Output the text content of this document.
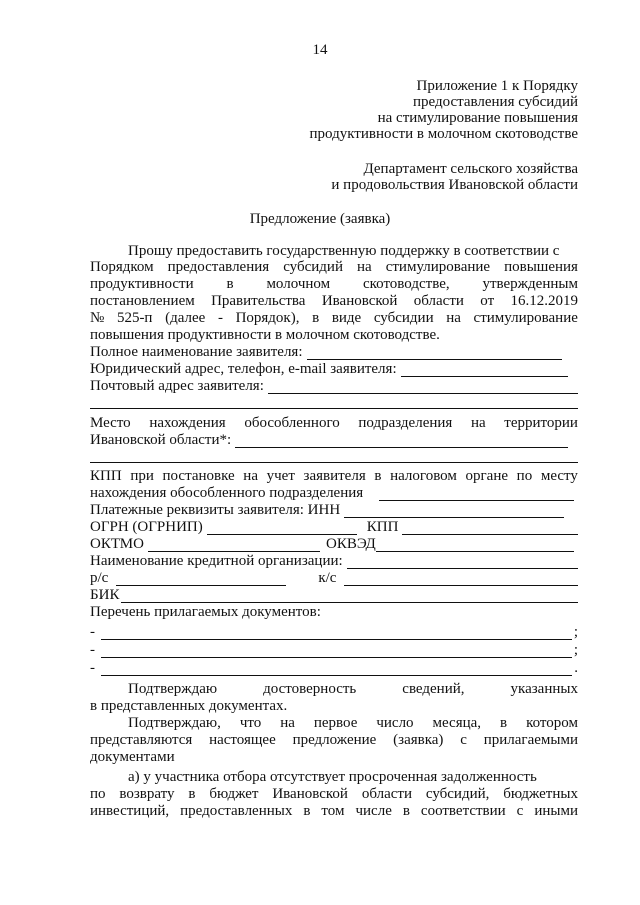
14
Приложение 1 к Порядку
предоставления субсидий
на стимулирование повышения
продуктивности в молочном скотоводстве
Департамент сельского хозяйства
и продовольствия Ивановской области
Предложение (заявка)
Прошу предоставить государственную поддержку в соответствии с
Порядком предоставления субсидий на стимулирование повышения
продуктивности в молочном скотоводстве, утвержденным
постановлением Правительства Ивановской области от 16.12.2019
№ 525-п (далее - Порядок), в виде субсидии на стимулирование
повышения продуктивности в молочном скотоводстве.
Полное наименование заявителя:
Юридический адрес, телефон, e-mail заявителя:
Почтовый адрес заявителя:
Место нахождения обособленного подразделения на территории
Ивановской области*:
КПП при постановке на учет заявителя в налоговом органе по месту
нахождения обособленного подразделения
Платежные реквизиты заявителя: ИНН
ОГРН (ОГРНИП)	КПП
ОКТМО	ОКВЭД
Наименование кредитной организации:
р/с	к/с
БИК
Перечень прилагаемых документов:
-	;
-	;
-	.
Подтверждаю	достоверность	сведений,	указанных
в представленных документах.
Подтверждаю, что на первое число месяца, в котором
представляются настоящее предложение (заявка) с прилагаемыми
документами
а) у участника отбора отсутствует просроченная задолженность
по возврату в бюджет Ивановской области субсидий, бюджетных
инвестиций, предоставленных в том числе в соответствии с иными
